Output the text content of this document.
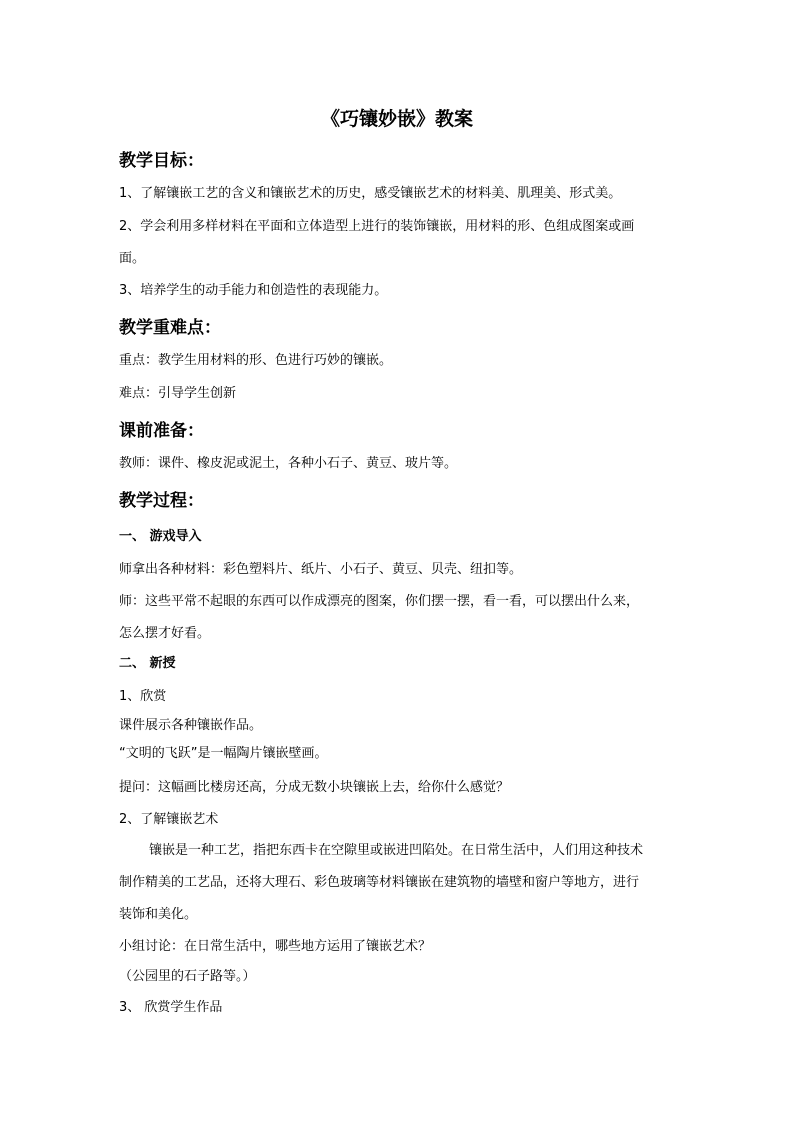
《巧镶妙嵌》教案
教学目标：
1、了解镶嵌工艺的含义和镶嵌艺术的历史，感受镶嵌艺术的材料美、肌理美、形式美。
2、学会利用多样材料在平面和立体造型上进行的装饰镶嵌，用材料的形、色组成图案或画
面。
3、培养学生的动手能力和创造性的表现能力。
教学重难点：
重点：教学生用材料的形、色进行巧妙的镶嵌。
难点：引导学生创新
课前准备：
教师：课件、橡皮泥或泥土，各种小石子、黄豆、玻片等。
教学过程：
一、 游戏导入
师拿出各种材料：彩色塑料片、纸片、小石子、黄豆、贝壳、纽扣等。
师：这些平常不起眼的东西可以作成漂亮的图案，你们摆一摆，看一看，可以摆出什么来，
怎么摆才好看。
二、 新授
1、欣赏
课件展示各种镶嵌作品。
“文明的飞跃”是一幅陶片镶嵌壁画。
提问：这幅画比楼房还高，分成无数小块镶嵌上去，给你什么感觉？
2、了解镶嵌艺术
镶嵌是一种工艺，指把东西卡在空隙里或嵌进凹陷处。在日常生活中，人们用这种技术
制作精美的工艺品，还将大理石、彩色玻璃等材料镶嵌在建筑物的墙壁和窗户等地方，进行
装饰和美化。
小组讨论：在日常生活中，哪些地方运用了镶嵌艺术？
（公园里的石子路等。）
3、 欣赏学生作品
